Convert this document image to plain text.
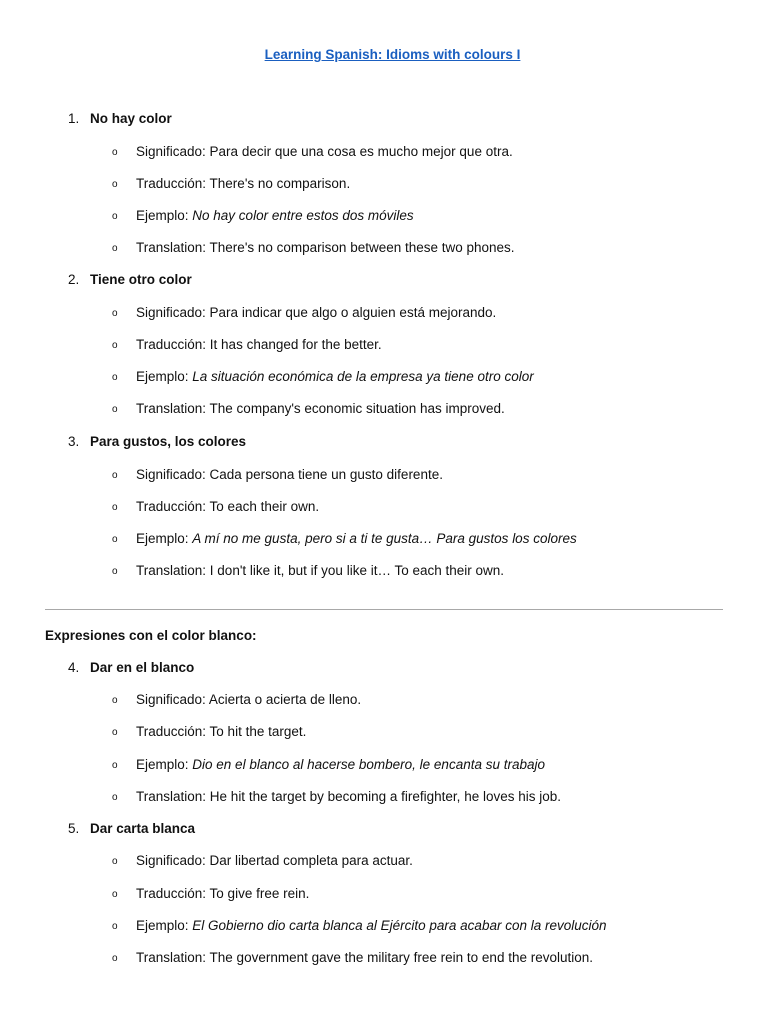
Learning Spanish: Idioms with colours I
1. No hay color
o Significado: Para decir que una cosa es mucho mejor que otra.
o Traducción: There's no comparison.
o Ejemplo: No hay color entre estos dos móviles
o Translation: There's no comparison between these two phones.
2. Tiene otro color
o Significado: Para indicar que algo o alguien está mejorando.
o Traducción: It has changed for the better.
o Ejemplo: La situación económica de la empresa ya tiene otro color
o Translation: The company's economic situation has improved.
3. Para gustos, los colores
o Significado: Cada persona tiene un gusto diferente.
o Traducción: To each their own.
o Ejemplo: A mí no me gusta, pero si a ti te gusta… Para gustos los colores
o Translation: I don't like it, but if you like it… To each their own.
Expresiones con el color blanco:
4. Dar en el blanco
o Significado: Acierta o acierta de lleno.
o Traducción: To hit the target.
o Ejemplo: Dio en el blanco al hacerse bombero, le encanta su trabajo
o Translation: He hit the target by becoming a firefighter, he loves his job.
5. Dar carta blanca
o Significado: Dar libertad completa para actuar.
o Traducción: To give free rein.
o Ejemplo: El Gobierno dio carta blanca al Ejército para acabar con la revolución
o Translation: The government gave the military free rein to end the revolution.
